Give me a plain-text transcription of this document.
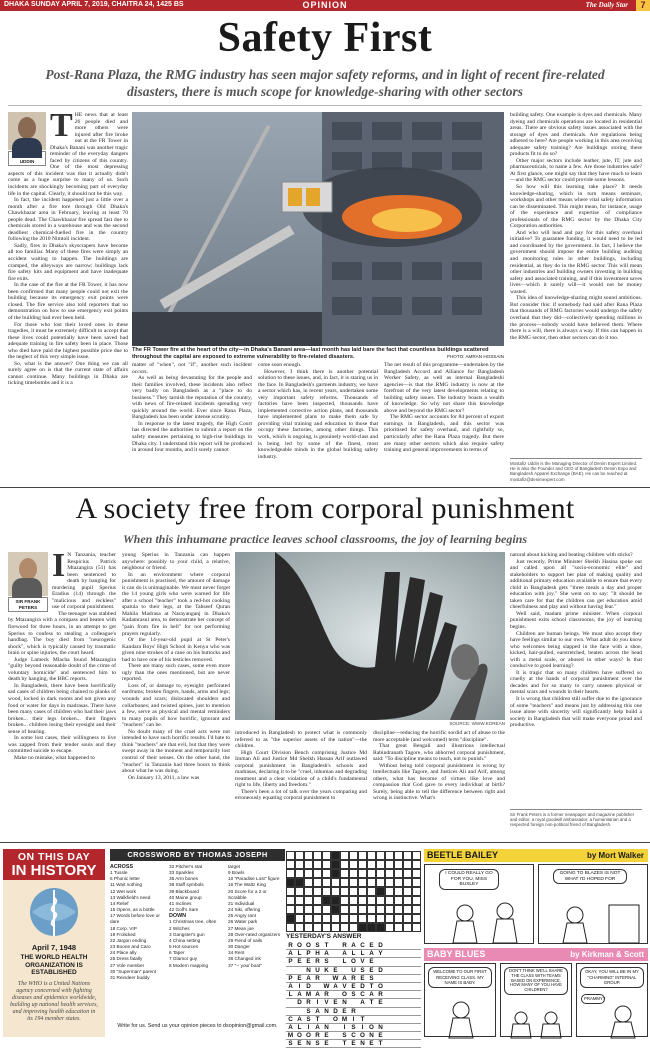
DHAKA SUNDAY APRIL 7, 2019, CHAITRA 24, 1425 BS	OPINION	The Daily Star	7
Safety First
Post-Rana Plaza, the RMG industry has seen major safety reforms, and in light of recent fire-related disasters, there is much scope for knowledge-sharing with other sectors
UDDIN
T HE news that at least 26 people died and more others were injured after fire broke out at the FR Tower in Dhaka's Banani was another tragic reminder of the everyday dangers faced by citizens of this country. One of the most depressing aspects of this incident was that it actually didn't come as a huge surprise to many of us. Such incidents are shockingly becoming part of everyday life in the capital. Clearly, it should not be this way.

In fact, the incident happened just a little over a month after a fire tore through Old Dhaka's Chawkbazar area in February, leaving at least 70 people dead. The Chawkbazar fire spread fast due to chemicals stored in a warehouse and was the second deadliest chemical-fuelled fire in the country following the 2010 Nimtoli incident.

Sadly, fires in Dhaka's skyscrapers have become all too familiar. Many of these fires were simply an accident waiting to happen. The buildings are cramped, the alleyways are narrow; buildings lack fire safety kits and equipment and have inadequate fire exits.

In the case of the fire at the FR Tower, it has now been confirmed that many people could not exit the building because its emergency exit points were closed. The fire service also told reporters that no demonstration on how to use emergency exit points of the building had ever been held.

For those who lost their loved ones in these tragedies, it must be extremely difficult to accept that these lives could potentially have been saved had adequate training in fire safety been in place. Those who died have paid the highest possible price due to the neglect of this very simple issue.

So, what is the answer? One thing we can all surely agree on is that the current state of affairs cannot continue. Many buildings in Dhaka are ticking timebombs and it is a

The FR Tower fire at the heart of the city—in Dhaka's Banani area—last month has laid bare the fact that countless buildings scattered throughout the capital are exposed to extreme vulnerability to fire-related disasters.	PHOTO: AMRAN HOSSAIN

matter of "when", not "if", another such incident occurs.

As well as being devastating for the people and their families involved, these incidents also reflect very badly on Bangladesh as a "place to do business." They tarnish the reputation of the country, with news of fire-related incidents spreading very quickly around the world. Ever since Rana Plaza, Bangladesh has been under intense scrutiny.

In response to the latest tragedy, the High Court has directed the authorities to submit a report on the safety measures pertaining to high-rise buildings in Dhaka city. I understand this report will be produced in around four months, and it surely cannot

come soon enough.

However, I think there is another potential solution to these issues, and, in fact, it is staring us in the face. In Bangladesh's garments industry, we have a sector which has, in recent years, undertaken some very important safety reforms. Thousands of factories have been inspected, thousands have implemented corrective action plans, and thousands have implemented plans to make them safe by providing vital training and education to those that occupy these factories, among other things. This work, which is ongoing, is genuinely world-class and is being led by some of the finest, most knowledgeable minds in the global building safety industry.

The net result of this programme—undertaken by the Bangladesh Accord and Alliance for Bangladesh Worker Safety, as well as internal Bangladeshi agencies—is that the RMG industry is now at the forefront of the very latest developments relating to building safety issues. The industry boasts a wealth of knowledge. So why not share this knowledge above and beyond the RMG sector?

The RMG sector accounts for 84 percent of export earnings in Bangladesh, and this sector was prioritised for safety overhaul, and rightfully so, particularly after the Rana Plaza tragedy. But there are many other sectors which also require safety training and general improvements in terms of

building safety. One example is dyes and chemicals. Many dyeing and chemicals operations are located in residential areas. There are obvious safety issues associated with the storage of dyes and chemicals. Are regulations being adhered to here? Are people working in this area receiving adequate safety training? Are buildings storing these products fit to do so?

Other major sectors include leather, jute, IT, jute and pharmaceuticals, to name a few. Are those industries safe? At first glance, one might say that they have much to learn—and the RMG sector could provide some lessons.

So how will this learning take place? It needs knowledge-sharing, which in turn means seminars, workshops and other means where vital safety information can be disseminated. This might mean, for instance, usage of the experience and expertise of compliance professionals of the RMG sector by the Dhaka City Corporation authorities.

And who will lead and pay for this safety overhaul initiative? To guarantee funding, it would need to be led and coordinated by the government. In fact, I believe the government should impose the entire building auditing and monitoring rules in other buildings, including residential, as they do in the RMG sector. This will mean other industries and building owners investing in building safety and associated training, and if this investment saves lives—which it surely will—it would not be money wasted.

This idea of knowledge-sharing might sound ambitious. But consider this: if somebody had said after Rana Plaza that thousands of RMG factories would undergo the safety overhaul that they did—collectively spending millions in the process—nobody would have believed them. Where there is a will, there is always a way. If this can happen in the RMG sector, then other sectors can do it too.

Mostafiz Uddin is the Managing Director of Denim Expert Limited. He is also the Founder and CEO of Bangladesh Denim Expo and Bangladesh Apparel Exchange (BAE). He can be reached at mostafiz@denimexpert.com
A society free from corporal punishment
When this inhumane practice leaves school classrooms, the joy of learning begins
SIR FRANK PETERS
I N Tanzania, teacher Respicius Patrick Mtazangira (51) has been sentenced to death by hanging for murdering pupil Sperius Eradius (14) through the "malicious and reckless" use of corporal punishment.

The teenager was stabbed by Mtazangira with a compass and beaten with firewood for three hours, in an attempt to get Sperius to confess to stealing a colleague's handbag. The boy died from "neurogenic shock", which is typically caused by traumatic brain or spine injuries, the court heard.

Judge Lameck Mlacha found Mtazangira "guilty beyond reasonable doubt of the crime of voluntary homicide" and sentenced him to death by hanging, the BBC reports.

In Bangladesh, there have been horrifically sad cases of children being chained to planks of wood, locked in dark rooms and not given any food or water for days in madrasas. There have been many cases of children who had their jaws broken... their legs broken... their fingers broken... children losing their eyesight and their sense of hearing.

In some lost cases, their willingness to live was zapped from their tender souls and they committed suicide to escape.

Make no mistake, what happened to

young Sperius in Tanzania can happen anywhere: possibly to your child, a relative, neighbour or friend.

In an environment where corporal punishment is practised, the amount of damage it can do is unimaginable. We must never forget the 14 young girls who were warned for life after a school "teacher" took a red-hot cooking spatula to their legs, at the Tahseef Quran Mahila Madrasa at Narayanganj in Dhaka's Kadamrasul area, to demonstrate her concept of "pain from fire in hell" for not performing prayers regularly.

Or the 14-year-old pupil at St Peter's Kandara Boys' High School in Kenya who was given nine strokes of a cane on his buttocks and had to have one of his testicles removed.

There are many such cases, some even more ugly than the ones mentioned, but are never reported.

Loss of, or damage to, eyesight: perforated eardrums; broken fingers, hands, arms and legs; wounds and scars; dislocated shoulders and collarbones; and twisted spines, just to mention a few, serve as physical and mental reminders to many pupils of how horrific, ignorant and "teachers" can be.

No doubt many of the cruel acts were not intended to have such horrific results. I'd hate to think "teachers" are that evil, but that they were swept away in the moment and temporarily lost control of their senses. On the other hand, the "teacher" in Tanzania had three hours to think about what he was doing.

On January 13, 2011, a law was

SOURCE: WWW.KOREAN

introduced in Bangladesh to protect what is commonly referred to as "the superior assets of the nation"—the children.

High Court Division Bench comprising Justice Md Imman Ali and Justice Md Sheikh Hassan Arif outlawed corporal punishment in Bangladesh's schools and madrasas, declaring it to be "cruel, inhuman and degrading treatment and a clear violation of a child's fundamental right to life, liberty and freedom."

There's been a lot of talk over the years comparing and erroneously equating corporal punishment to

discipline—reducing the horrific sordid act of abuse to the more acceptable (and welcomed) term "discipline".

That great Bengali and illustrious intellectual Rabindranath Tagore, who abhorred corporal punishment, said: "To discipline means to teach, not to punish."

Without being told corporal punishment is wrong by intellectuals like Tagore, and Justices Ali and Arif, among others, what has become of virtues like love and compassion that God gave to every individual at birth? Surely, being able to tell the difference between right and wrong is instinctive. What's

natural about kicking and beating children with sticks?

Just recently, Prime Minister Sheikh Hasina spoke out and called upon all "socio-economic elite" and stakeholders to support her plan of making quality and additional primary education available to ensure that every child in Bangladesh gets "three meals a day and proper education with joy." She went on to say: "It should be taken care for that the children can get education amid cheerfulness and play and without having fear."

Well said, madam prime minister. When corporal punishment exits school classrooms, the joy of learning begins.

Children are human beings. We must also accept they have feelings similar to our own. What adult do you know who welcomes being slapped in the face with a shoe, kicked, hair-pulled, earstretched, beaten across the head with a metal scale, or abused in other ways? Is that conducive to good learning?

It is tragic that so many children have suffered so cruelly at the hands of corporal punishment over the decades and for so many to carry unseen physical or mental scars and wounds in their hearts.

It is wrong that children still suffer due to the ignorance of some "teachers" and means just by addressing this one issue alone with sincerity will significantly help build a society in Bangladesh that will make everyone proud and productive.

Sir Frank Peters is a former newspaper and magazine publisher and editor, a royal goodwill ambassador, a humanitarian and a respected foreign non-political friend of Bangladesh.
ON THIS DAY
IN HISTORY
April 7, 1948
THE WORLD HEALTH ORGANIZATION IS ESTABLISHED
The WHO is a United Nations agency concerned with fighting diseases and epidemics worldwide, building up national health services, and improving health education in its 194 member states.
CROSSWORD BY THOMAS JOSEPH
ACROSS
1 Tussle
6 Phonic letter
11 Wait nothing
12 Wet work
13 Walkfield's need
14 Relief
15 Opens, as a bottle
17 Words before love or dare
18 Corp. VIP
19 Frolicked
22 Jargon ending
23 Boone and Caro
24 Place ally
25 Dress fatally
27 Vole member
30 "Superman" parent
31 Reindeer buddy
32 Pitcher's stat
33 Sparkles
35 Arm bones
38 Staff symbols
39 Blackboard
40 Maine group
41 Inclines
42 Golf's Sam
DOWN
1 Christmas tree, often
2 Witches
3 Gangster's gun
4 China setting
5 Hot sources
6 Taper
7 Glamor guy
8 Modern mapping
target
9 Bowls
10 "Paradise Lost" figure
16 The Waltz King
20 Score for a 2 or Scrabble
21 Individual
24 Siki, offering
25 Angry rant
26 Water park
27 Mean joe
28 Over-rated organizers
29 Fiend of sails
30 Danger
34 Rent
36 Changed ink
37 "-- your boat"
Write for us. Send us your opinion pieces to dsopinion@gmail.com.
YESTERDAY'S ANSWER
R O O S T R A C E D
A L P H A A L L A Y
P E E R S L O V E
N U K E U S E D
P E A R W A R E S
A I D W A V E D T O
L A M A R O S C A R
D R I V E N A T E
S A N D E R
C A S T O M I T
A L I A N I S I O N
M O O R E S C O N E
S E N S E T E N E T
BEETLE BAILEY	by Mort Walker
I COULD REALLY GO FOR YOU, MISS BUXLEY
GOING TO BLAZES IS NOT WHAT I'D HOPED FOR
BABY BLUES	by Kirkman & Scott
WELCOME TO OUR FIRST RECEIVING CLASS. MY NAME IS BABY.
DON'T THINK WE'LL SHARE THE CLASS WITH TEAMS BASED ON EXPERIENCE. HOW MANY OF YOU HAVE CHILDREN?
OKAY, YOU WILL BE IN MY "CHARMING" INTERNAL GROUP.
PRAMMY?
